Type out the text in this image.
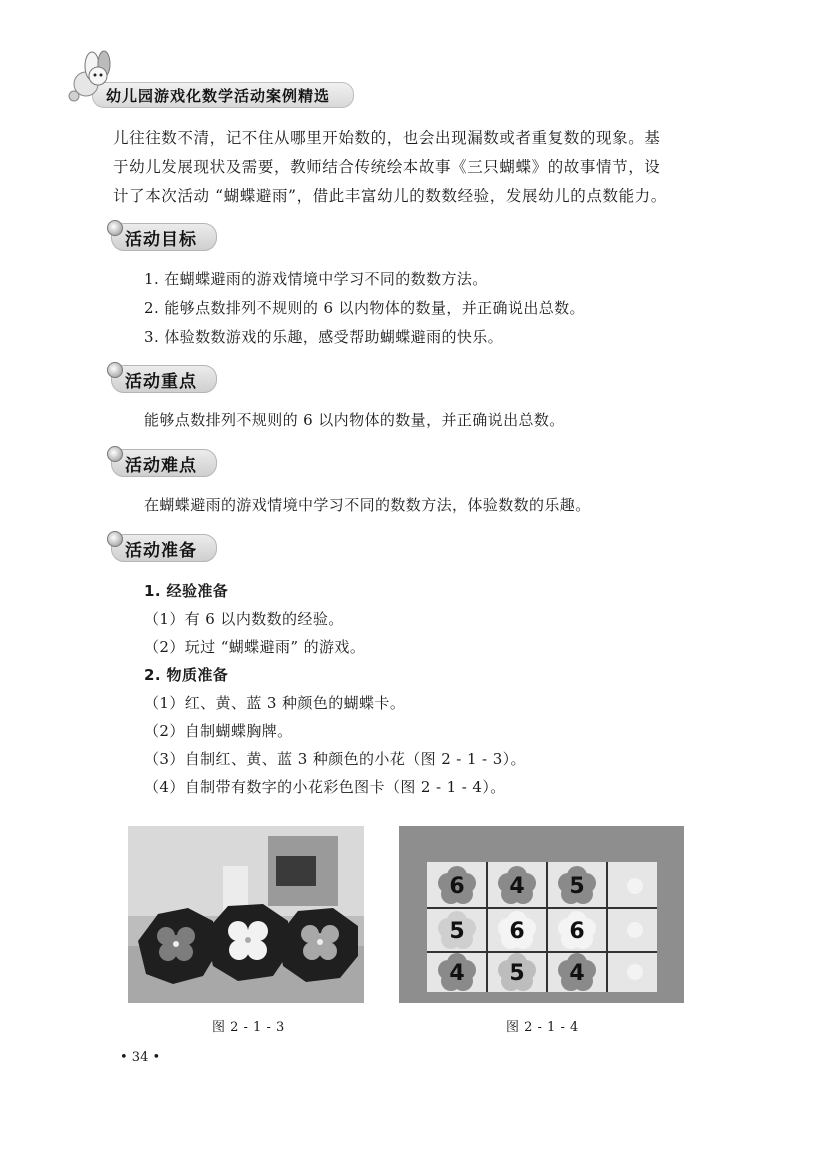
幼儿园游戏化数学活动案例精选

儿往往数不清，记不住从哪里开始数的，也会出现漏数或者重复数的现象。基

于幼儿发展现状及需要，教师结合传统绘本故事《三只蝴蝶》的故事情节，设

计了本次活动 “蝴蝶避雨”，借此丰富幼儿的数数经验，发展幼儿的点数能力。

活动目标
1. 在蝴蝶避雨的游戏情境中学习不同的数数方法。
2. 能够点数排列不规则的 6 以内物体的数量，并正确说出总数。
3. 体验数数游戏的乐趣，感受帮助蝴蝶避雨的快乐。
活动重点
能够点数排列不规则的 6 以内物体的数量，并正确说出总数。
活动难点
在蝴蝶避雨的游戏情境中学习不同的数数方法，体验数数的乐趣。
活动准备
1. 经验准备
（1）有 6 以内数数的经验。
（2）玩过 “蝴蝶避雨” 的游戏。
2. 物质准备
（1）红、黄、蓝 3 种颜色的蝴蝶卡。
（2）自制蝴蝶胸牌。
（3）自制红、黄、蓝 3 种颜色的小花（图 2 - 1 - 3）。
（4）自制带有数字的小花彩色图卡（图 2 - 1 - 4）。
图 2 - 1 - 3
6 4 5
5 6 6
4 5 4
图 2 - 1 - 4
• 34 •
